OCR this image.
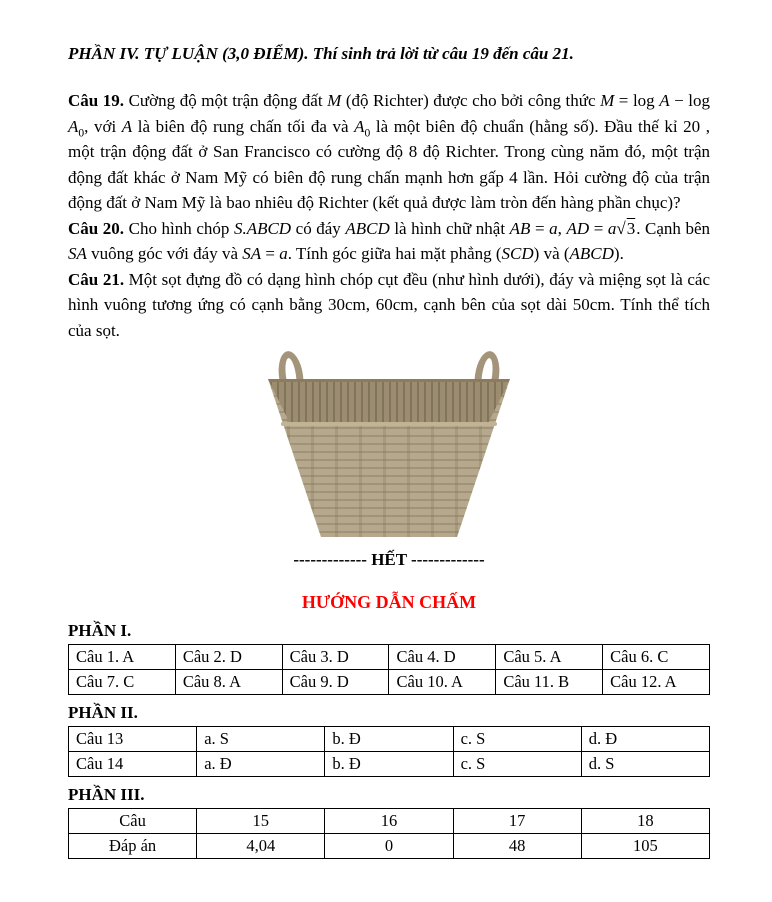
PHẦN IV. TỰ LUẬN (3,0 ĐIỂM). Thí sinh trả lời từ câu 19 đến câu 21.

Câu 19. Cường độ một trận động đất M (độ Richter) được cho bởi công thức $M = \log A - \log A_0$, với A là biên độ rung chấn tối đa và $A_0$ là một biên độ chuẩn (hằng số). Đầu thế kỉ 20 , một trận động đất ở San Francisco có cường độ 8 độ Richter. Trong cùng năm đó, một trận động đất khác ở Nam Mỹ có biên độ rung chấn mạnh hơn gấp 4 lần. Hỏi cường độ của trận động đất ở Nam Mỹ là bao nhiêu độ Richter (kết quả được làm tròn đến hàng phần chục)?

Câu 20. Cho hình chóp S.ABCD có đáy ABCD là hình chữ nhật AB = a, AD = a√3. Cạnh bên SA vuông góc với đáy và SA = a. Tính góc giữa hai mặt phẳng (SCD) và (ABCD).

Câu 21. Một sọt đựng đồ có dạng hình chóp cụt đều (như hình dưới), đáy và miệng sọt là các hình vuông tương ứng có cạnh bằng 30cm, 60cm, cạnh bên của sọt dài 50cm. Tính thể tích của sọt.

------------- HẾT -------------

HƯỚNG DẪN CHẤM

PHẦN I.

Câu 1. A	Câu 2. D	Câu 3. D	Câu 4. D	Câu 5. A	Câu 6. C
Câu 7. C	Câu 8. A	Câu 9. D	Câu 10. A	Câu 11. B	Câu 12. A

PHẦN II.

Câu 13	a. S	b. Đ	c. S	d. Đ
Câu 14	a. Đ	b. Đ	c. S	d. S

PHẦN III.

Câu	15	16	17	18
Đáp án	4,04	0	48	105
